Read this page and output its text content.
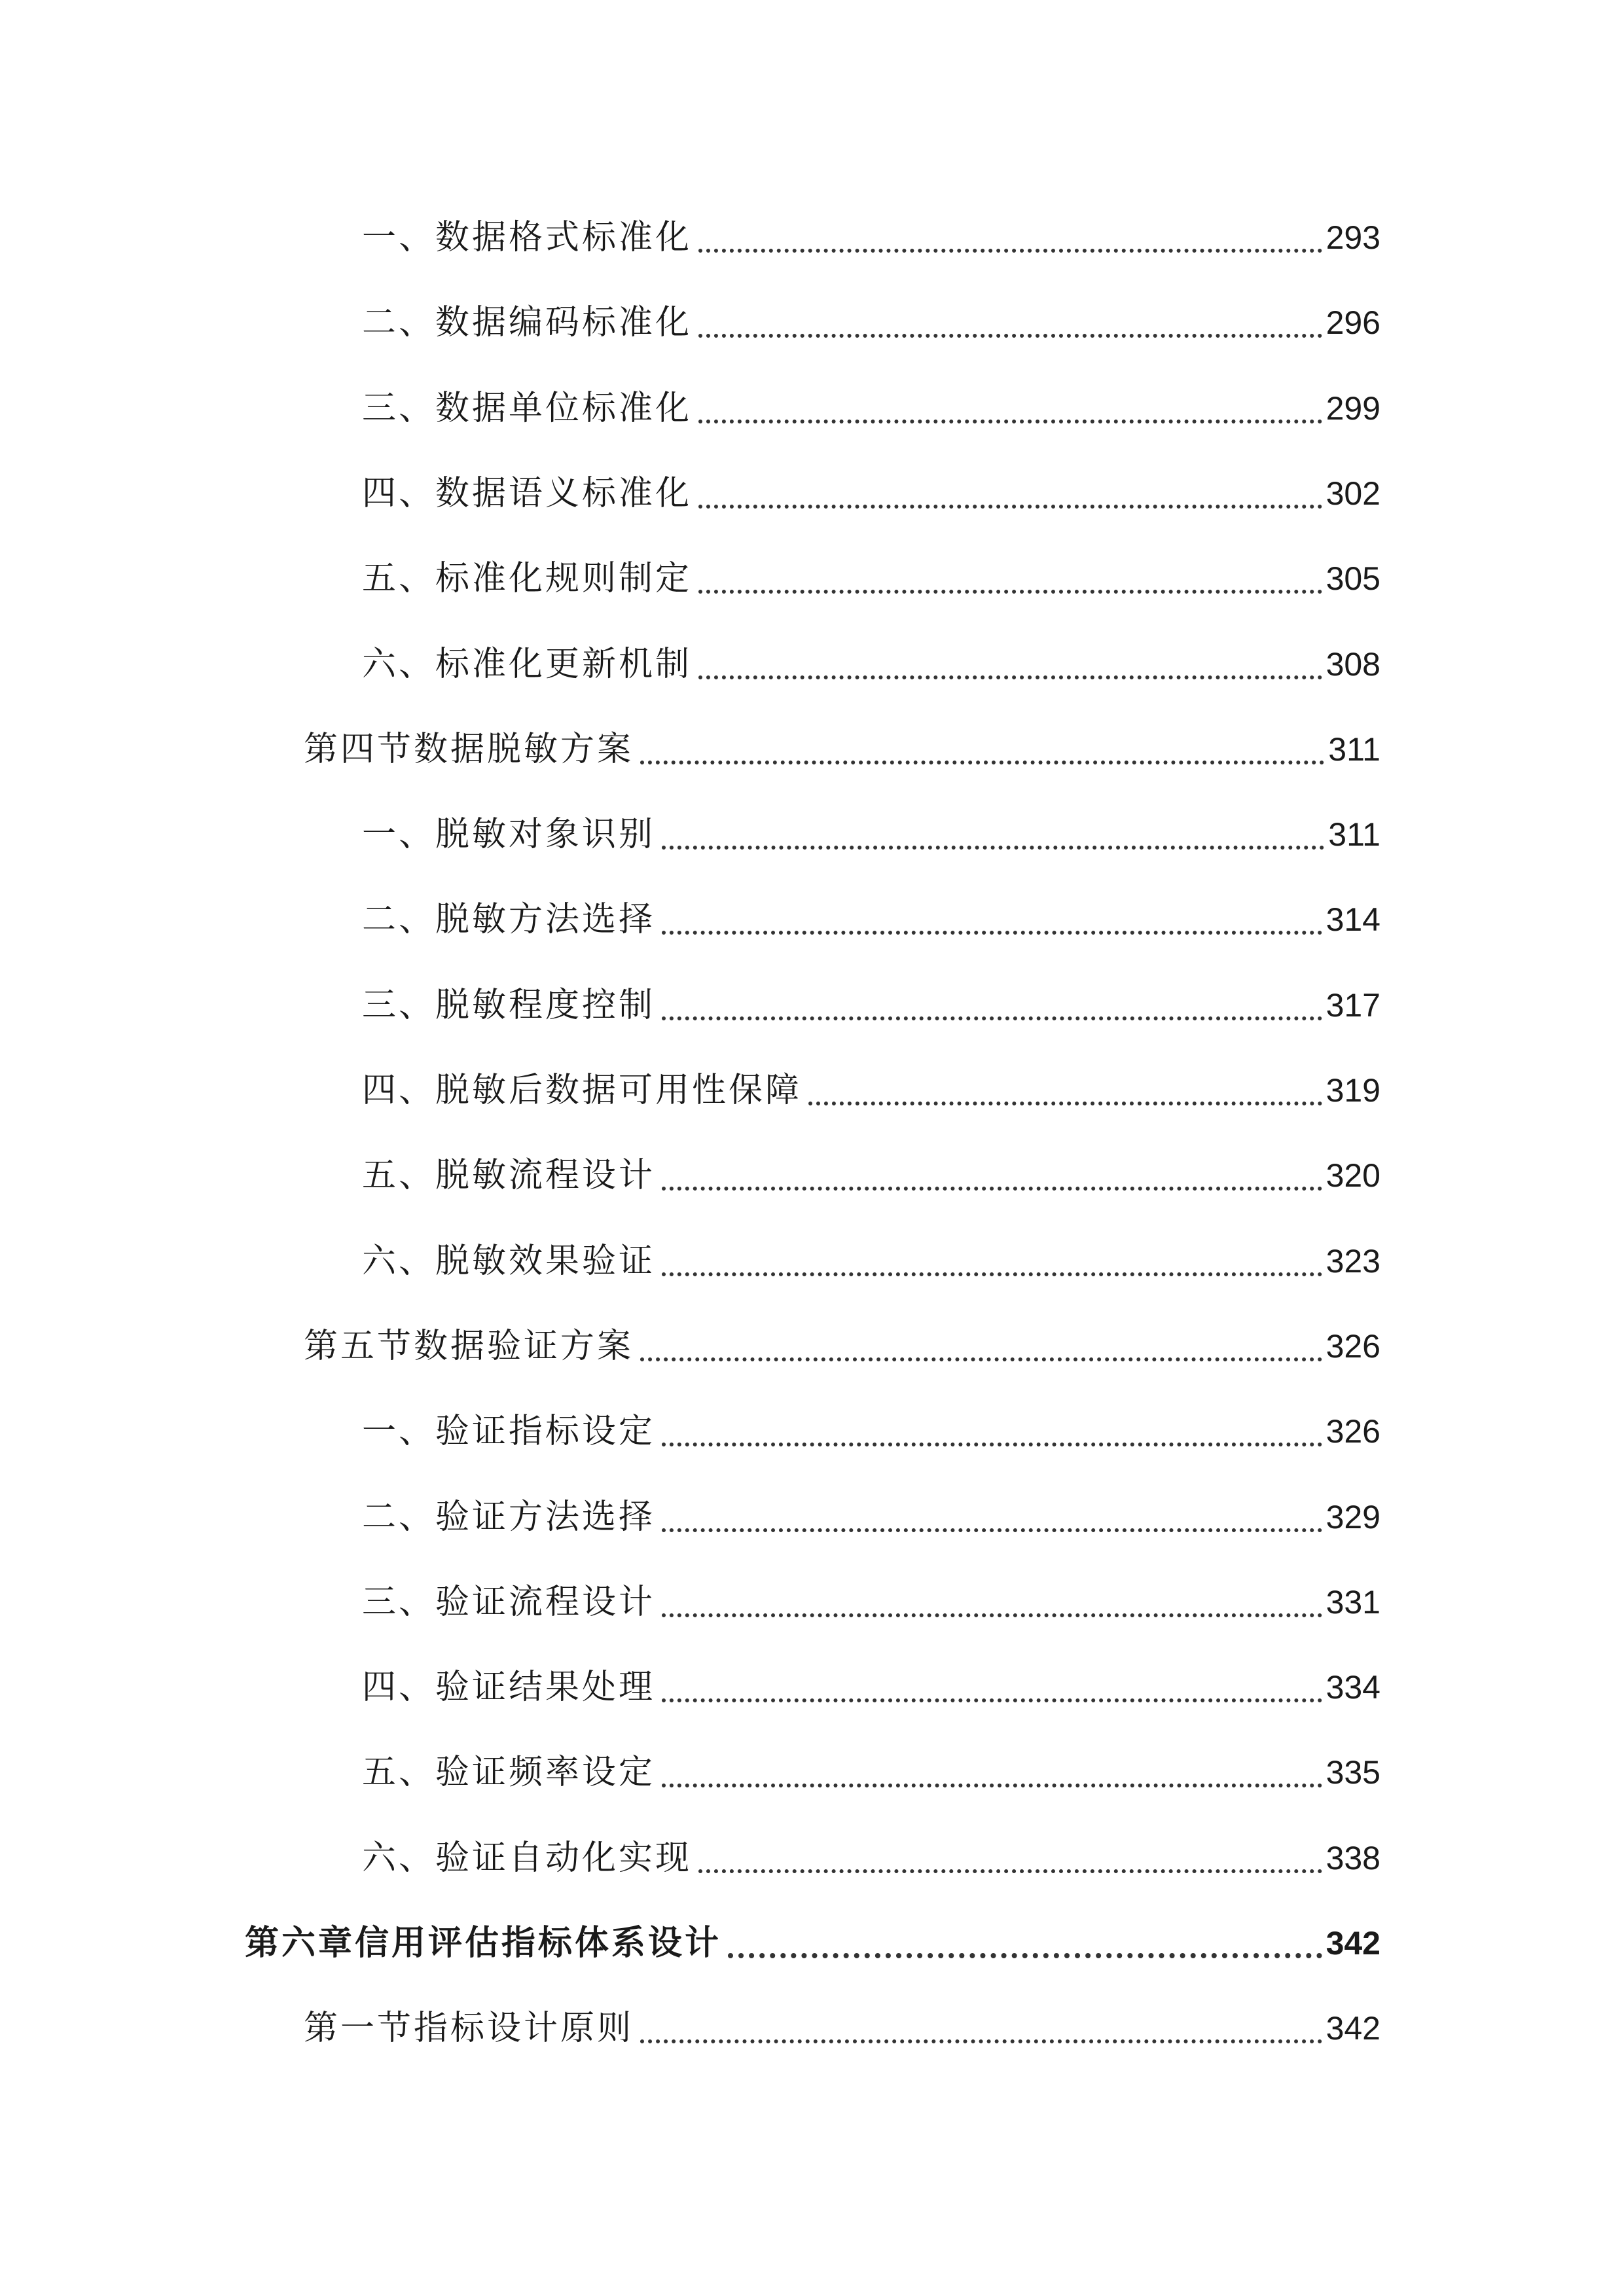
一、数据格式标准化	293
二、数据编码标准化	296
三、数据单位标准化	299
四、数据语义标准化	302
五、标准化规则制定	305
六、标准化更新机制	308
第四节数据脱敏方案	311
一、脱敏对象识别	311
二、脱敏方法选择	314
三、脱敏程度控制	317
四、脱敏后数据可用性保障	319
五、脱敏流程设计	320
六、脱敏效果验证	323
第五节数据验证方案	326
一、验证指标设定	326
二、验证方法选择	329
三、验证流程设计	331
四、验证结果处理	334
五、验证频率设定	335
六、验证自动化实现	338
第六章信用评估指标体系设计	342
第一节指标设计原则	342
